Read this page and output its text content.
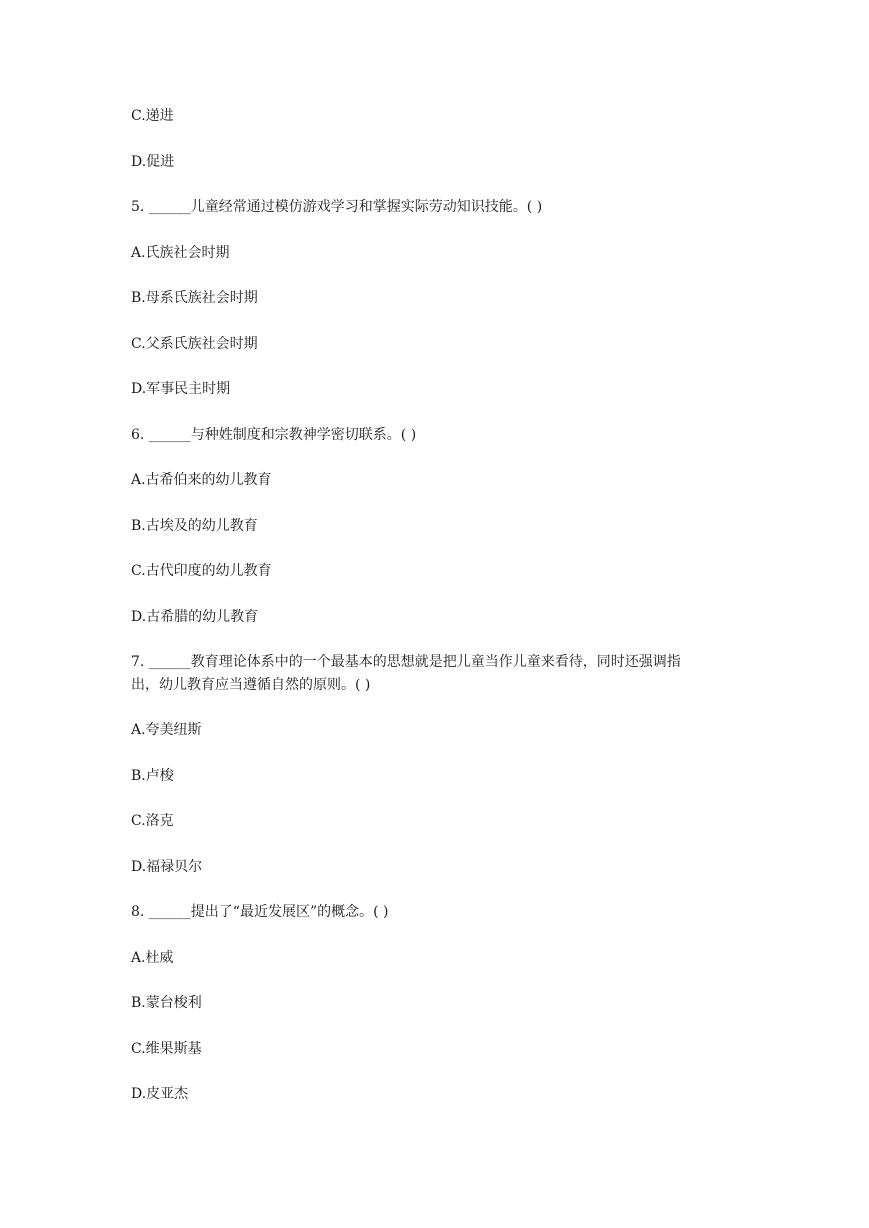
C.递进
D.促进
5. ______儿童经常通过模仿游戏学习和掌握实际劳动知识技能。( )
A.氏族社会时期
B.母系氏族社会时期
C.父系氏族社会时期
D.军事民主时期
6. ______与种姓制度和宗教神学密切联系。( )
A.古希伯来的幼儿教育
B.古埃及的幼儿教育
C.古代印度的幼儿教育
D.古希腊的幼儿教育
7. ______教育理论体系中的一个最基本的思想就是把儿童当作儿童来看待，同时还强调指
出，幼儿教育应当遵循自然的原则。( )
A.夸美纽斯
B.卢梭
C.洛克
D.福禄贝尔
8. ______提出了“最近发展区”的概念。( )
A.杜威
B.蒙台梭利
C.维果斯基
D.皮亚杰
